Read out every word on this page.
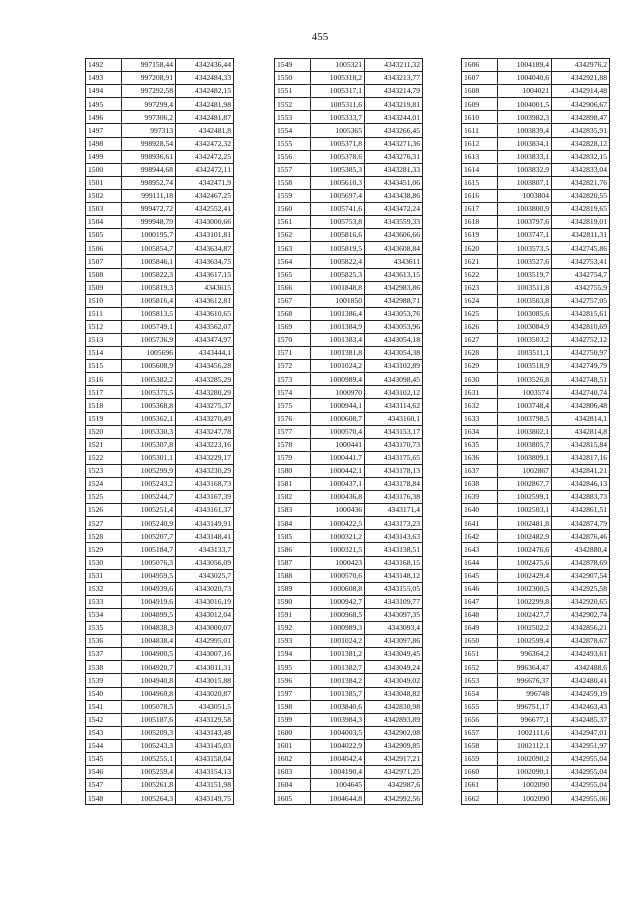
455
1492	997158,44	4342436,44
1493	997208,91	4342484,33
1494	997292,58	4342482,15
1495	997299,4	4342481,98
1496	997306,2	4342481,87
1497	997313	4342481,8
1498	998928,54	4342472,32
1499	998936,61	4342472,25
1500	998944,68	4342472,11
1501	998952,74	4342471,9
1502	999111,18	4342467,25
1503	999472,72	4342552,41
1504	999948,79	4343000,66
1505	1000195,7	4343101,81
1506	1005854,7	4343634,87
1507	1005846,1	4343634,75
1508	1005822,3	4343617,15
1509	1005819,3	4343615
1510	1005816,4	4343612,81
1511	1005813,5	4343610,65
1512	1005749,1	4343562,07
1513	1005736,9	4343474,97
1514	1005696	4343444,1
1515	1005608,9	4343456,28
1516	1005382,2	4343285,29
1517	1005375,5	4343280,29
1518	1005368,8	4343275,37
1519	1005362,1	4343270,49
1520	1005330,3	4343247,78
1521	1005307,8	4343223,16
1522	1005301,1	4343229,17
1523	1005299,9	4343230,29
1524	1005243,2	4343168,73
1525	1005244,7	4343167,39
1526	1005251,4	4343161,37
1527	1005240,9	4343149,91
1528	1005207,7	4343148,41
1529	1005184,7	4343133,7
1530	1005076,3	4343056,09
1531	1004959,5	4343025,7
1532	1004939,6	4343020,73
1533	1004919,6	4343016,19
1534	1004899,5	4343012,04
1535	1004838,3	4343000,07
1536	1004838,4	4342995,01
1537	1004900,5	4343007,16
1538	1004920,7	4343011,31
1539	1004940,8	4343015,88
1540	1004960,8	4343020,87
1541	1005078,5	4343051,5
1542	1005187,6	4343129,58
1543	1005209,3	4343143,48
1544	1005243,3	4343145,03
1545	1005255,1	4343158,04
1546	1005259,4	4343154,13
1547	1005261,8	4343151,98
1548	1005264,3	4343149,75
1549	1005321	4343211,32
1550	1005318,2	4343213,77
1551	1005317,1	4343214,79
1552	1005311,6	4343219,81
1553	1005333,7	4343244,01
1554	1005365	4343266,45
1555	1005371,8	4343271,36
1556	1005378,6	4343276,31
1557	1005385,3	4343281,33
1558	1005610,3	4343451,06
1559	1005697,4	4343438,86
1560	1005741,6	4343472,24
1561	1005753,8	4343559,33
1562	1005816,6	4343606,66
1563	1005819,5	4343608,84
1564	1005822,4	4343611
1565	1005825,3	4343613,15
1566	1001848,8	4342983,86
1567	1001850	4342988,71
1568	1001386,4	4343053,76
1569	1001384,9	4343053,96
1570	1001383,4	4343054,18
1571	1001381,8	4343054,38
1572	1001024,2	4343102,89
1573	1000989,4	4343098,45
1574	1000970	4343102,12
1575	1000944,1	4343114,62
1576	1000608,7	4343160,1
1577	1000570,4	4343153,17
1578	1000441	4343170,73
1579	1000441,7	4343175,65
1580	1000442,1	4343178,13
1581	1000437,1	4343178,84
1582	1000436,8	4343176,38
1583	1000436	4343171,4
1584	1000422,5	4343173,23
1585	1000321,2	4343143,63
1586	1000321,5	4343138,51
1587	1000423	4343168,15
1588	1000570,6	4343148,12
1589	1000608,8	4343155,05
1590	1000942,7	4343109,77
1591	1000968,5	4343097,35
1592	1000989,3	4343093,4
1593	1001024,2	4343097,86
1594	1001381,2	4343049,45
1595	1001382,7	4343049,24
1596	1001384,2	4343049,02
1597	1001385,7	4343048,82
1598	1003840,6	4342830,98
1599	1003984,3	4342893,89
1600	1004003,5	4342902,08
1601	1004022,9	4342909,85
1602	1004042,4	4342917,21
1603	1004190,4	4342971,25
1604	1004645	4342987,6
1605	1004644,8	4342992,56
1606	1004189,4	4342976,2
1607	1004040,6	4342921,88
1608	1004021	4342914,48
1609	1004001,5	4342906,67
1610	1003982,3	4342898,47
1611	1003839,4	4342835,91
1612	1003834,1	4342828,12
1613	1003833,1	4342832,15
1614	1003832,9	4342833,04
1615	1003807,1	4342821,76
1616	1003804	4342820,55
1617	1003800,9	4342819,65
1618	1003797,6	4342819,01
1619	1003747,1	4342811,31
1620	1003573,5	4342745,86
1621	1003527,6	4342753,41
1622	1003519,7	4342754,7
1623	1003511,8	4342755,9
1624	1003503,8	4342757,05
1625	1003085,6	4342815,61
1626	1003084,9	4342810,69
1627	1003503,2	4342752,12
1628	1003511,1	4342750,97
1629	1003518,9	4342749,79
1630	1003526,8	4342748,51
1631	1003574	4342740,74
1632	1003748,4	4342806,48
1633	1003798,5	4342814,1
1634	1003802,1	4342814,8
1635	1003805,7	4342815,84
1636	1003809,1	4342817,16
1637	1002867	4342841,21
1638	1002867,7	4342846,13
1639	1002599,1	4342883,73
1640	1002503,1	4342861,51
1641	1002481,8	4342874,79
1642	1002482,9	4342876,46
1643	1002476,6	4342880,4
1644	1002475,6	4342878,69
1645	1002429,4	4342907,54
1646	1002300,5	4342925,58
1647	1002299,8	4342920,65
1648	1002427,7	4342902,74
1649	1002502,2	4342856,21
1650	1002599,4	4342878,67
1651	996364,2	4342493,61
1652	996364,47	4342488,6
1653	996676,37	4342480,41
1654	996748	4342459,19
1655	996751,17	4342463,43
1656	996677,1	4342485,37
1657	1002111,6	4342947,01
1658	1002112,1	4342951,97
1659	1002090,2	4342955,04
1660	1002090,1	4342955,04
1661	1002090	4342955,04
1662	1002090	4342955,06
